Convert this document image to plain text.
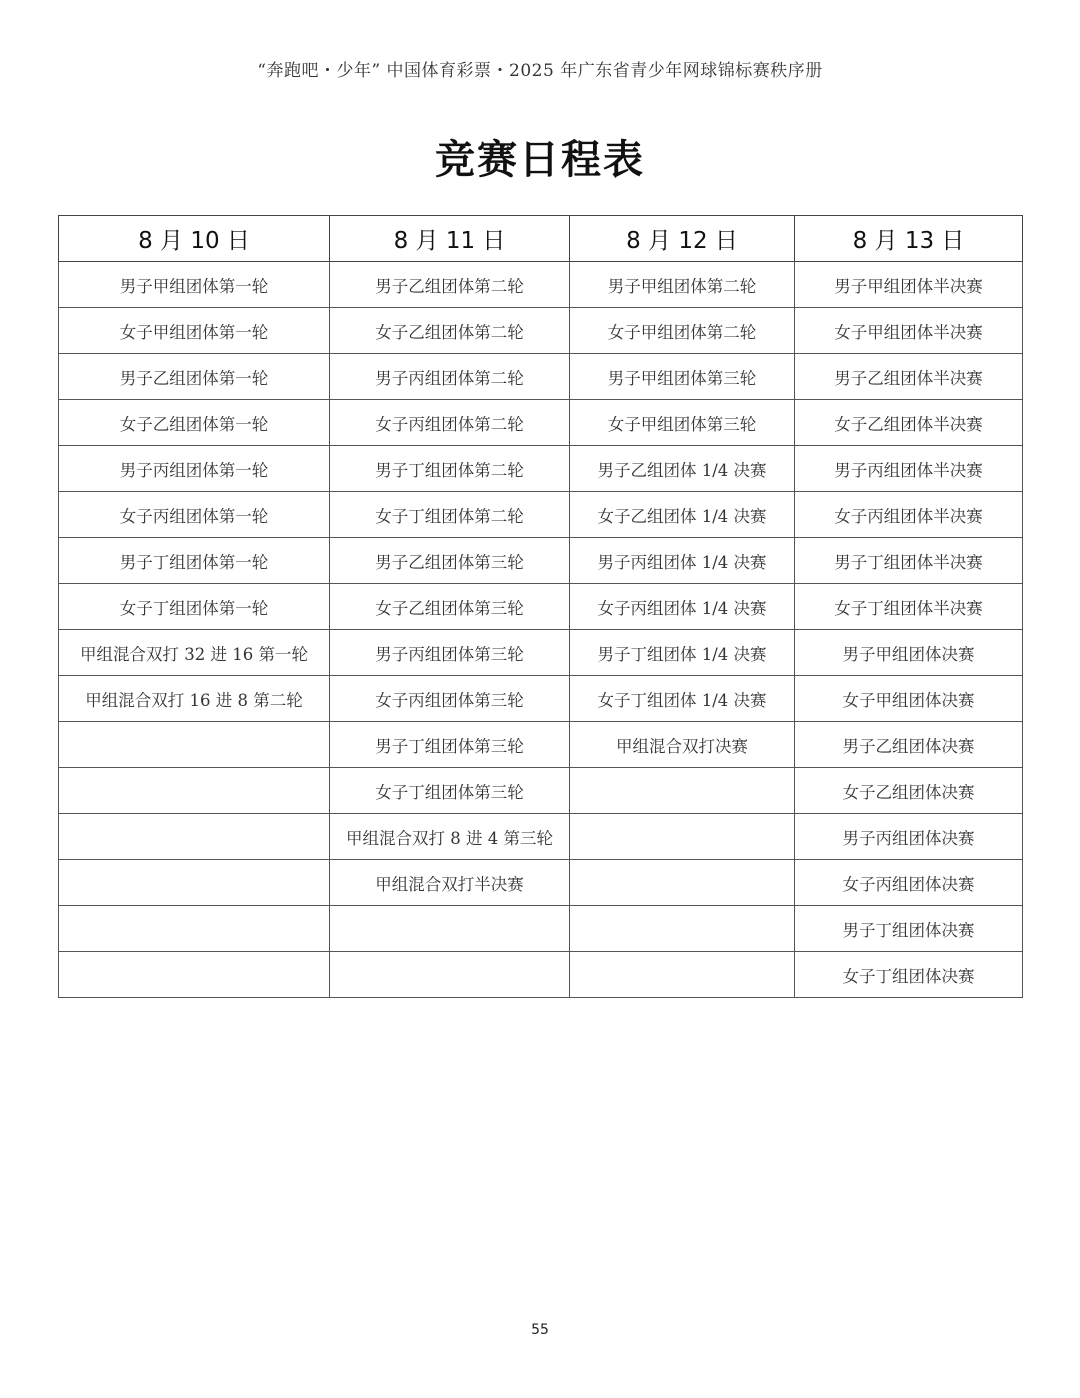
“奔跑吧・少年” 中国体育彩票・2025 年广东省青少年网球锦标赛秩序册
竞赛日程表
8 月 10 日	8 月 11 日	8 月 12 日	8 月 13 日
男子甲组团体第一轮	男子乙组团体第二轮	男子甲组团体第二轮	男子甲组团体半决赛
女子甲组团体第一轮	女子乙组团体第二轮	女子甲组团体第二轮	女子甲组团体半决赛
男子乙组团体第一轮	男子丙组团体第二轮	男子甲组团体第三轮	男子乙组团体半决赛
女子乙组团体第一轮	女子丙组团体第二轮	女子甲组团体第三轮	女子乙组团体半决赛
男子丙组团体第一轮	男子丁组团体第二轮	男子乙组团体 1/4 决赛	男子丙组团体半决赛
女子丙组团体第一轮	女子丁组团体第二轮	女子乙组团体 1/4 决赛	女子丙组团体半决赛
男子丁组团体第一轮	男子乙组团体第三轮	男子丙组团体 1/4 决赛	男子丁组团体半决赛
女子丁组团体第一轮	女子乙组团体第三轮	女子丙组团体 1/4 决赛	女子丁组团体半决赛
甲组混合双打 32 进 16 第一轮	男子丙组团体第三轮	男子丁组团体 1/4 决赛	男子甲组团体决赛
甲组混合双打 16 进 8 第二轮	女子丙组团体第三轮	女子丁组团体 1/4 决赛	女子甲组团体决赛
	男子丁组团体第三轮	甲组混合双打决赛	男子乙组团体决赛
	女子丁组团体第三轮		女子乙组团体决赛
	甲组混合双打 8 进 4 第三轮		男子丙组团体决赛
	甲组混合双打半决赛		女子丙组团体决赛
			男子丁组团体决赛
			女子丁组团体决赛
55
